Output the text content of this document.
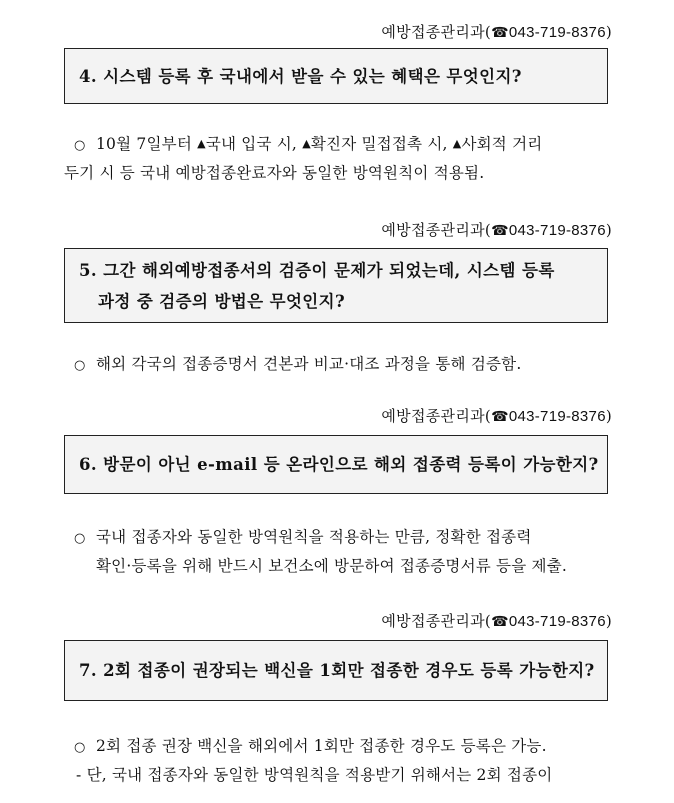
예방접종관리과(☎043-719-8376)
4. 시스템 등록 후 국내에서 받을 수 있는 혜택은 무엇인지?
○ 10월 7일부터 ▲국내 입국 시, ▲확진자 밀접접촉 시, ▲사회적 거리
두기 시 등 국내 예방접종완료자와 동일한 방역원칙이 적용됨.
예방접종관리과(☎043-719-8376)
5. 그간 해외예방접종서의 검증이 문제가 되었는데, 시스템 등록
과정 중 검증의 방법은 무엇인지?
○ 해외 각국의 접종증명서 견본과 비교·대조 과정을 통해 검증함.
예방접종관리과(☎043-719-8376)
6. 방문이 아닌 e-mail 등 온라인으로 해외 접종력 등록이 가능한지?
○ 국내 접종자와 동일한 방역원칙을 적용하는 만큼, 정확한 접종력
확인·등록을 위해 반드시 보건소에 방문하여 접종증명서류 등을 제출.
예방접종관리과(☎043-719-8376)
7. 2회 접종이 권장되는 백신을 1회만 접종한 경우도 등록 가능한지?
○ 2회 접종 권장 백신을 해외에서 1회만 접종한 경우도 등록은 가능.
- 단, 국내 접종자와 동일한 방역원칙을 적용받기 위해서는 2회 접종이
